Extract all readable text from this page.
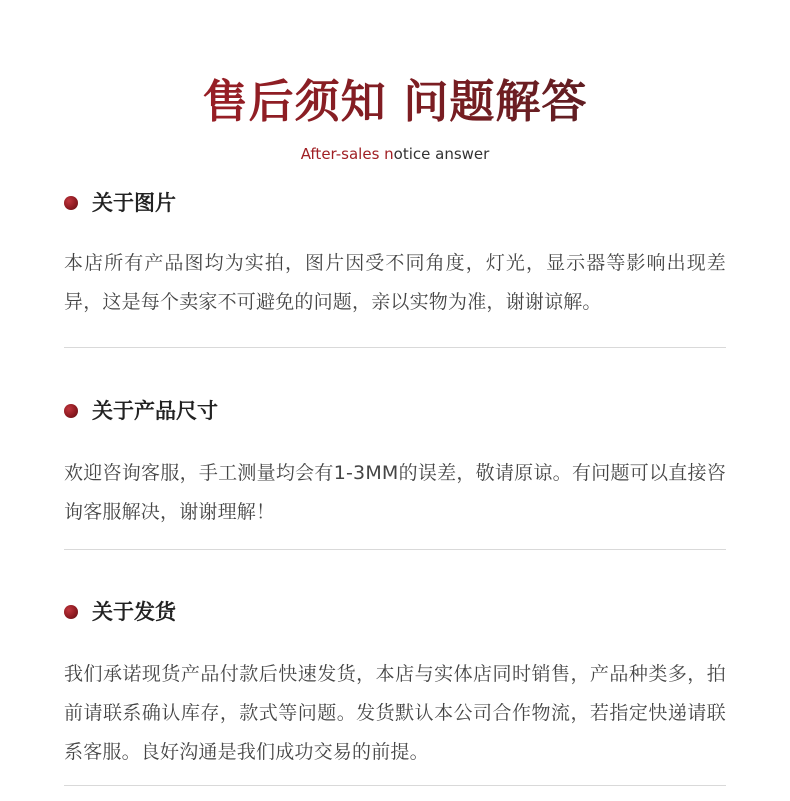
售后须知 问题解答
After-sales notice answer
关于图片
本店所有产品图均为实拍，图片因受不同角度，灯光，显示器等影响出现差异，这是每个卖家不可避免的问题，亲以实物为准，谢谢谅解。
关于产品尺寸
欢迎咨询客服，手工测量均会有1-3MM的误差，敬请原谅。有问题可以直接咨询客服解决，谢谢理解！
关于发货
我们承诺现货产品付款后快速发货，本店与实体店同时销售，产品种类多，拍前请联系确认库存，款式等问题。发货默认本公司合作物流，若指定快递请联系客服。良好沟通是我们成功交易的前提。
